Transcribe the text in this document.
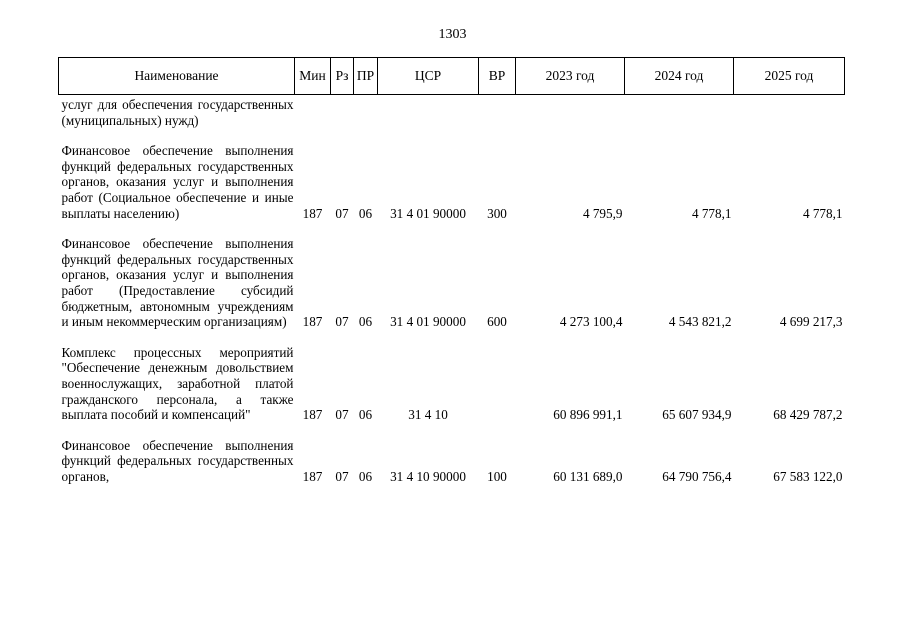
1303
Наименование	Мин	Рз	ПР	ЦСР	ВР	2023 год	2024 год	2025 год
услуг для обеспечения государственных (муниципальных) нужд)								

Финансовое обеспечение выполнения функций федеральных государственных органов, оказания услуг и выполнения работ (Социальное обеспечение и иные выплаты населению)	187	07	06	31 4 01 90000	300	4 795,9	4 778,1	4 778,1

Финансовое обеспечение выполнения функций федеральных государственных органов, оказания услуг и выполнения работ (Предоставление субсидий бюджетным, автономным учреждениям и иным некоммерческим организациям)	187	07	06	31 4 01 90000	600	4 273 100,4	4 543 821,2	4 699 217,3

Комплекс процессных мероприятий "Обеспечение денежным довольствием военнослужащих, заработной платой гражданского персонала, а также выплата пособий и компенсаций"	187	07	06	31 4 10		60 896 991,1	65 607 934,9	68 429 787,2

Финансовое обеспечение выполнения функций федеральных государственных органов,	187	07	06	31 4 10 90000	100	60 131 689,0	64 790 756,4	67 583 122,0
